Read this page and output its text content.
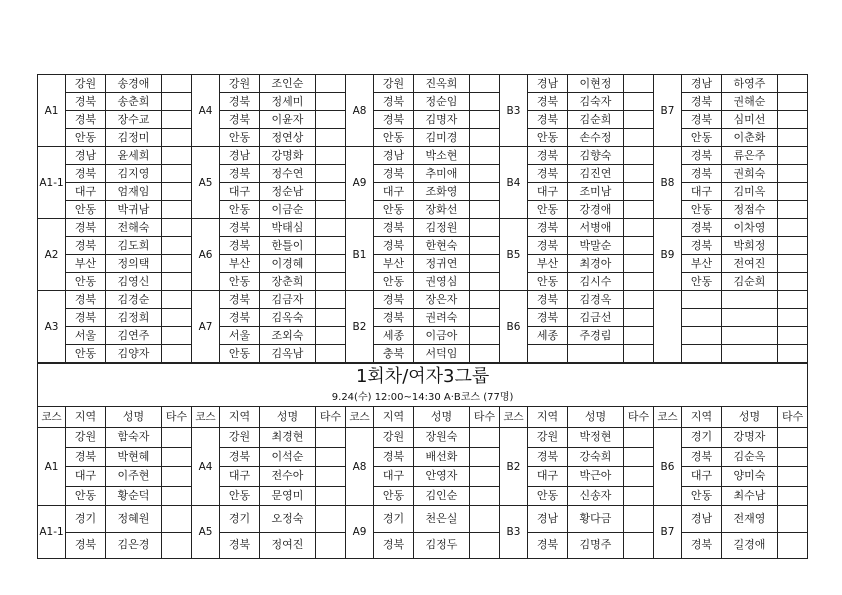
A1	강원	송경애		A4	강원	조인순		A8	강원	진옥희		B3	경남	이현정		B7	경남	하영주	
	경북	송춘희			경북	정세미			경북	정순임			경북	김숙자			경북	권해순	
	경북	장수교			경북	이윤자			경북	김명자			경북	김순희			경북	심미선	
	안동	김정미			안동	정연상			안동	김미경			안동	손수정			안동	이춘화	
A1-1	경남	윤세희		A5	경남	강명화		A9	경남	박소현		B4	경북	김향숙		B8	경북	류은주	
	경북	김지영			경북	정수연			경북	추미애			경북	김진연			경북	권희숙	
	대구	엄재임			대구	정순남			대구	조화영			대구	조미남			대구	김미옥	
	안동	박귀남			안동	이금순			안동	장화선			안동	강경애			안동	정점수	
A2	경북	전해숙		A6	경북	박태심		B1	경북	김정원		B5	경북	서병애		B9	경북	이차영	
	경북	김도희			경북	한틀이			경북	한현숙			경북	박말순			경북	박희정	
	부산	정의택			부산	이경혜			부산	정귀연			부산	최경아			부산	전여진	
	안동	김영신			안동	장춘희			안동	권영심			안동	김시수			안동	김순희	
A3	경북	김경순		A7	경북	김금자		B2	경북	장은자		B6	경북	김경옥					
	경북	김정희			경북	김옥숙			경북	권려숙			경북	김금선					
	서울	김연주			서울	조외숙			세종	이금아			세종	주경림					
	안동	김양자			안동	김옥남			충북	서덕임									
1회차/여자3그룹																			
9.24(수) 12:00~14:30 A·B코스 (77명)																			
코스	지역	성명	타수	코스	지역	성명	타수	코스	지역	성명	타수	코스	지역	성명	타수	코스	지역	성명	타수
A1	강원	함숙자		A4	강원	최경현		A8	강원	장원숙		B2	강원	박정현		B6	경기	강명자	
	경북	박현혜			경북	이석순			경북	배선화			경북	강숙희			경북	김순옥	
	대구	이주현			대구	전수아			대구	안영자			대구	박근아			대구	양미숙	
	안동	황순덕			안동	문영미			안동	김인순			안동	신송자			안동	최수남	
A1-1	경기	정혜원		A5	경기	오정숙		A9	경기	천은실		B3	경남	황다금		B7	경남	전재영	
	경북	김은경			경북	정여진			경북	김정두			경북	김명주			경북	길경애	
